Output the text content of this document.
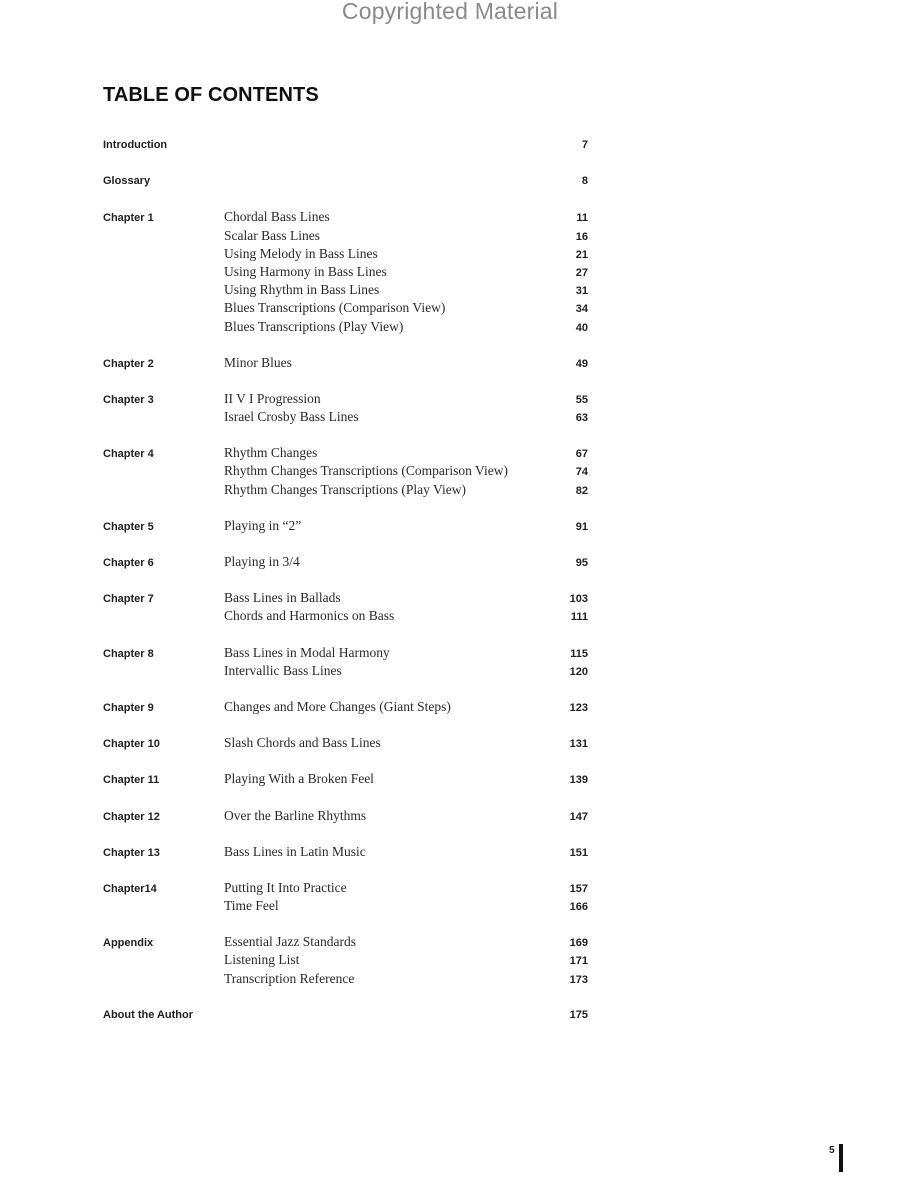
Copyrighted Material
TABLE OF CONTENTS
Introduction	7
Glossary	8
Chapter 1	Chordal Bass Lines	11
Scalar Bass Lines	16
Using Melody in Bass Lines	21
Using Harmony in Bass Lines	27
Using Rhythm in Bass Lines	31
Blues Transcriptions (Comparison View)	34
Blues Transcriptions (Play View)	40
Chapter 2	Minor Blues	49
Chapter 3	II V I Progression	55
Israel Crosby Bass Lines	63
Chapter 4	Rhythm Changes	67
Rhythm Changes Transcriptions (Comparison View)	74
Rhythm Changes Transcriptions (Play View)	82
Chapter 5	Playing in “2”	91
Chapter 6	Playing in 3/4	95
Chapter 7	Bass Lines in Ballads	103
Chords and Harmonics on Bass	111
Chapter 8	Bass Lines in Modal Harmony	115
Intervallic Bass Lines	120
Chapter 9	Changes and More Changes (Giant Steps)	123
Chapter 10	Slash Chords and Bass Lines	131
Chapter 11	Playing With a Broken Feel	139
Chapter 12	Over the Barline Rhythms	147
Chapter 13	Bass Lines in Latin Music	151
Chapter14	Putting It Into Practice	157
Time Feel	166
Appendix	Essential Jazz Standards	169
Listening List	171
Transcription Reference	173
About the Author	175
5
